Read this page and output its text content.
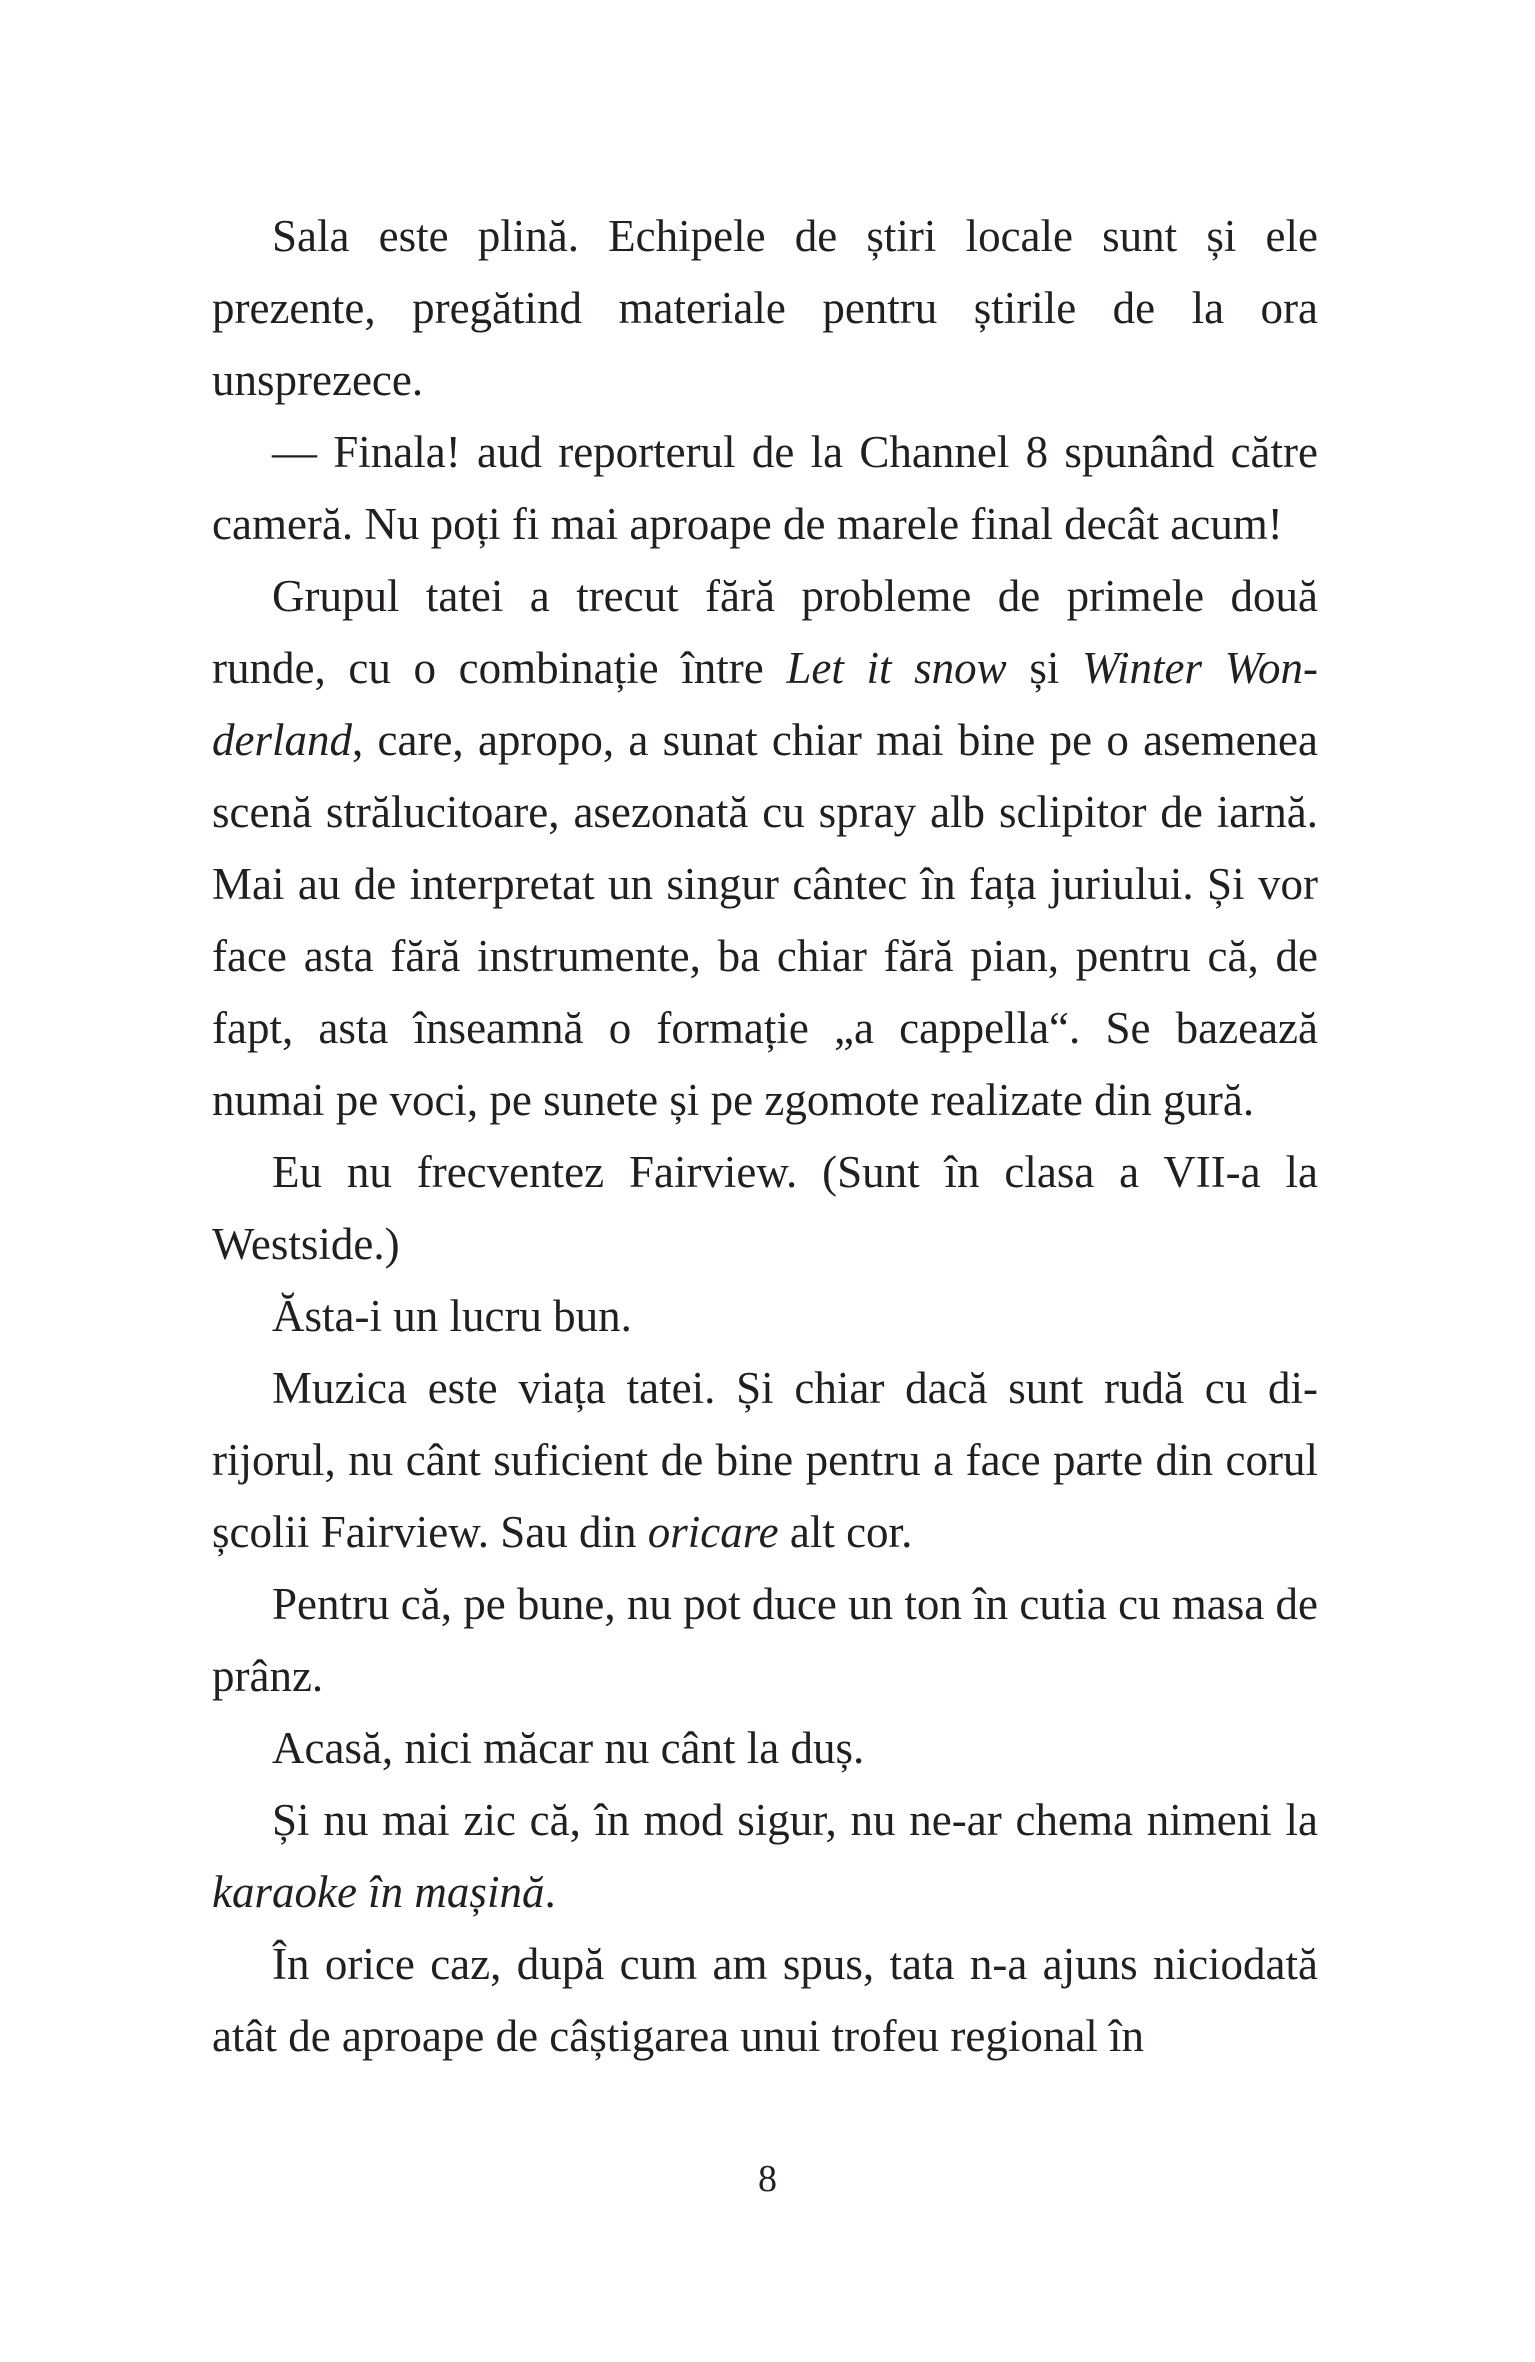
Sala este plină. Echipele de știri locale sunt și ele prezente, pregătind materiale pentru știrile de la ora unsprezece.

— Finala! aud reporterul de la Channel 8 spunând către cameră. Nu poți fi mai aproape de marele final decât acum!

Grupul tatei a trecut fără probleme de primele două runde, cu o combinație între Let it snow și Winter Wonderland, care, apropo, a sunat chiar mai bine pe o asemenea scenă strălucitoare, asezonată cu spray alb sclipitor de iarnă. Mai au de interpretat un singur cântec în fața juriului. Și vor face asta fără instrumente, ba chiar fără pian, pentru că, de fapt, asta înseamnă o formație „a cappella“. Se bazează numai pe voci, pe sunete și pe zgomote realizate din gură.

Eu nu frecventez Fairview. (Sunt în clasa a VII-a la Westside.)

Ăsta-i un lucru bun.

Muzica este viața tatei. Și chiar dacă sunt rudă cu dirijorul, nu cânt suficient de bine pentru a face parte din corul școlii Fairview. Sau din oricare alt cor.

Pentru că, pe bune, nu pot duce un ton în cutia cu masa de prânz.

Acasă, nici măcar nu cânt la duș.

Și nu mai zic că, în mod sigur, nu ne-ar chema nimeni la karaoke în mașină.

În orice caz, după cum am spus, tata n-a ajuns niciodată atât de aproape de câștigarea unui trofeu regional în

8
